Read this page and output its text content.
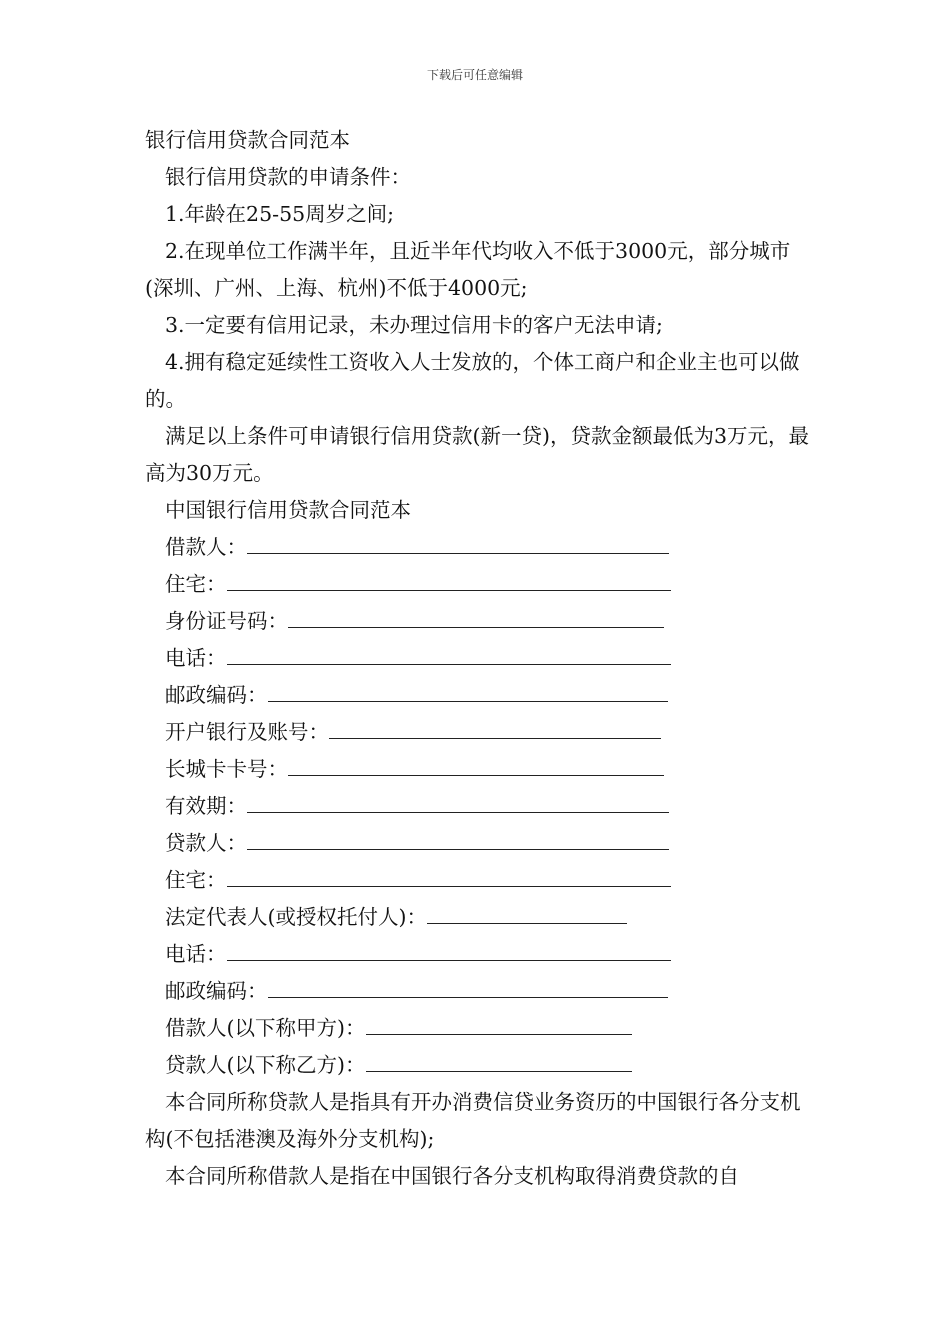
下载后可任意编辑

银行信用贷款合同范本

银行信用贷款的申请条件：

1.年龄在25-55周岁之间;

2.在现单位工作满半年，且近半年代均收入不低于3000元，部分城市(深圳、广州、上海、杭州)不低于4000元;

3.一定要有信用记录，未办理过信用卡的客户无法申请;

4.拥有稳定延续性工资收入人士发放的，个体工商户和企业主也可以做的。

满足以上条件可申请银行信用贷款(新一贷)，贷款金额最低为3万元，最高为30万元。

中国银行信用贷款合同范本

借款人：
住宅：
身份证号码：
电话：
邮政编码：
开户银行及账号：
长城卡卡号：
有效期：
贷款人：
住宅：
法定代表人(或授权托付人)：
电话：
邮政编码：
借款人(以下称甲方)：
贷款人(以下称乙方)：

本合同所称贷款人是指具有开办消费信贷业务资历的中国银行各分支机构(不包括港澳及海外分支机构);

本合同所称借款人是指在中国银行各分支机构取得消费贷款的自
